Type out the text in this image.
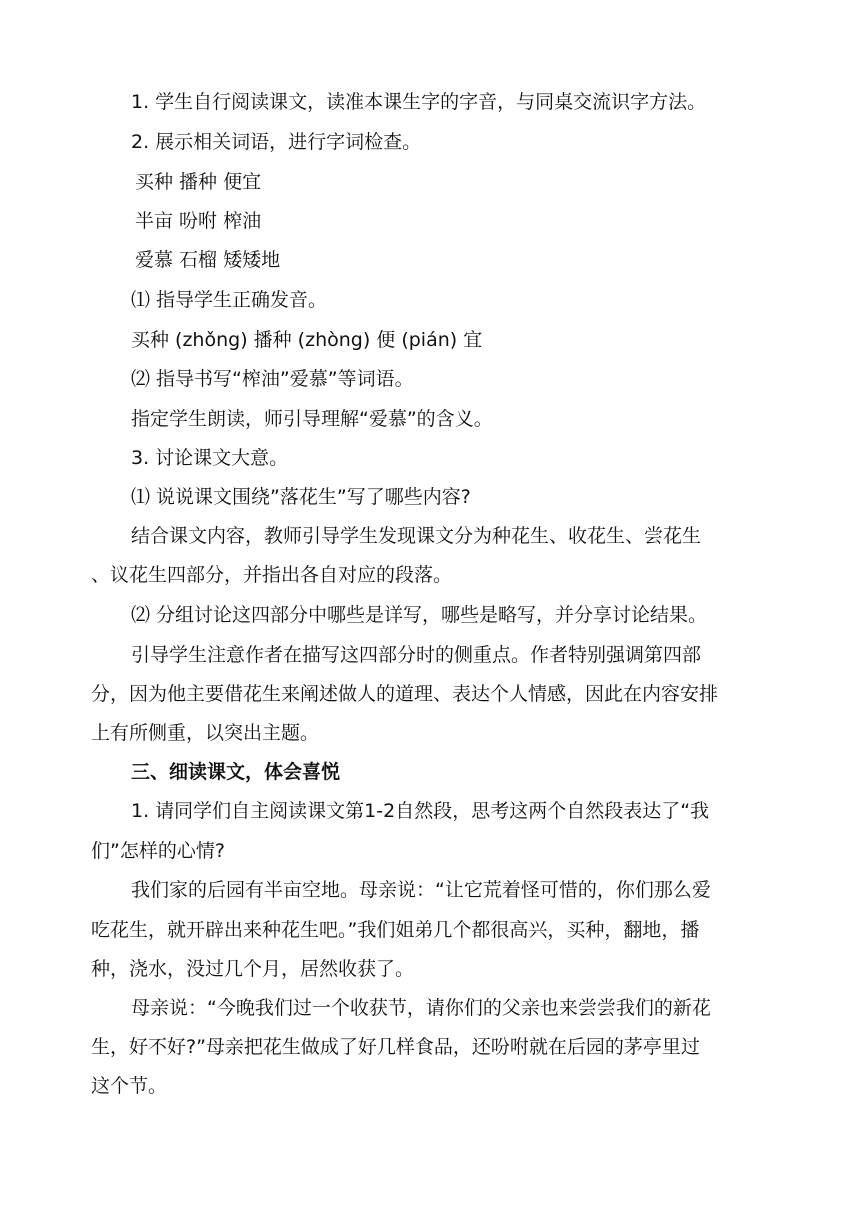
1. 学生自行阅读课文，读准本课生字的字音，与同桌交流识字方法。

2. 展示相关词语，进行字词检查。

买种 播种 便宜

半亩 吩咐 榨油

爱慕 石榴 矮矮地

⑴ 指导学生正确发音。

买种 (zhǒng) 播种 (zhòng) 便 (pián) 宜

⑵ 指导书写“榨油”爱慕”等词语。

指定学生朗读，师引导理解“爱慕”的含义。

3. 讨论课文大意。

⑴ 说说课文围绕”落花生”写了哪些内容?

结合课文内容，教师引导学生发现课文分为种花生、收花生、尝花生

、议花生四部分，并指出各自对应的段落。

⑵ 分组讨论这四部分中哪些是详写，哪些是略写，并分享讨论结果。

引导学生注意作者在描写这四部分时的侧重点。作者特别强调第四部

分，因为他主要借花生来阐述做人的道理、表达个人情感，因此在内容安排

上有所侧重，以突出主题。

三、细读课文，体会喜悦

1. 请同学们自主阅读课文第1-2自然段，思考这两个自然段表达了“我

们”怎样的心情?

我们家的后园有半亩空地。母亲说：“让它荒着怪可惜的，你们那么爱

吃花生，就开辟出来种花生吧。”我们姐弟几个都很高兴，买种，翻地，播

种，浇水，没过几个月，居然收获了。

母亲说：“今晚我们过一个收获节，请你们的父亲也来尝尝我们的新花

生，好不好?”母亲把花生做成了好几样食品，还吩咐就在后园的茅亭里过

这个节。
